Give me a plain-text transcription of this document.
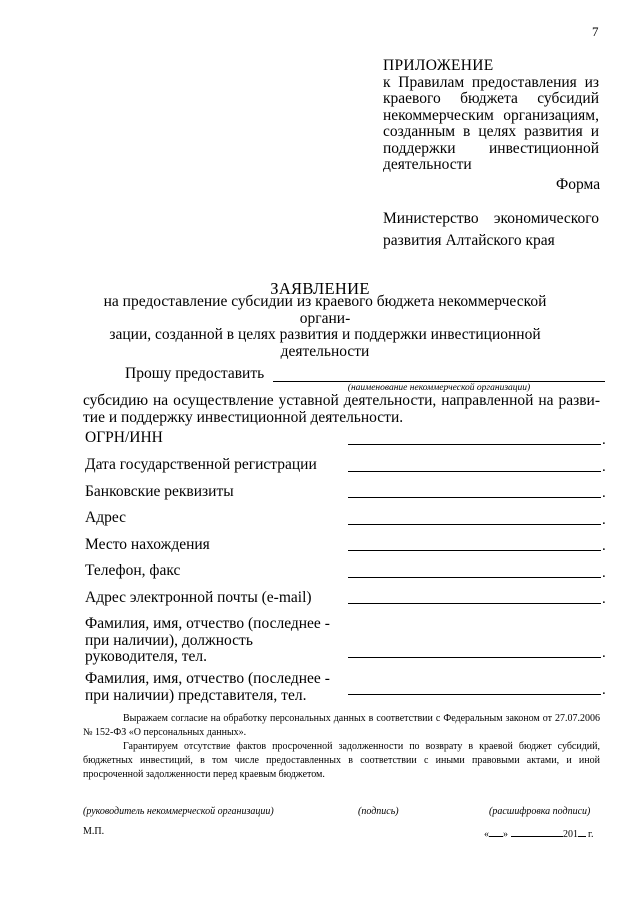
7
ПРИЛОЖЕНИЕ
к Правилам предоставления из
краевого бюджета субсидий
некоммерческим организациям,
созданным в целях развития и
поддержки инвестиционной
деятельности
Форма
Министерство экономического
развития Алтайского края
ЗАЯВЛЕНИЕ
на предоставление субсидии из краевого бюджета некоммерческой органи-
зации, созданной в целях развития и поддержки инвестиционной
деятельности
Прошу предоставить
(наименование некоммерческой организации)
субсидию на осуществление уставной деятельности, направленной на разви-
тие и поддержку инвестиционной деятельности.
ОГРН/ИНН	.
Дата государственной регистрации	.
Банковские реквизиты	.
Адрес	.
Место нахождения	.
Телефон, факс	.
Адрес электронной почты (e-mail)	.
Фамилия, имя, отчество (последнее - при наличии), должность руководителя, тел.	.
Фамилия, имя, отчество (последнее - при наличии) представителя, тел.	.

Выражаем согласие на обработку персональных данных в соответствии с Федеральным законом от 27.07.2006 № 152-ФЗ «О персональных данных».

Гарантируем отсутствие фактов просроченной задолженности по возврату в краевой бюджет субсидий, бюджетных инвестиций, в том числе предоставленных в соответствии с иными правовыми актами, и иной просроченной задолженности перед краевым бюджетом.

(руководитель некоммерческой организации)	(подпись)	(расшифровка подписи)
М.П.	« »	201 г.
